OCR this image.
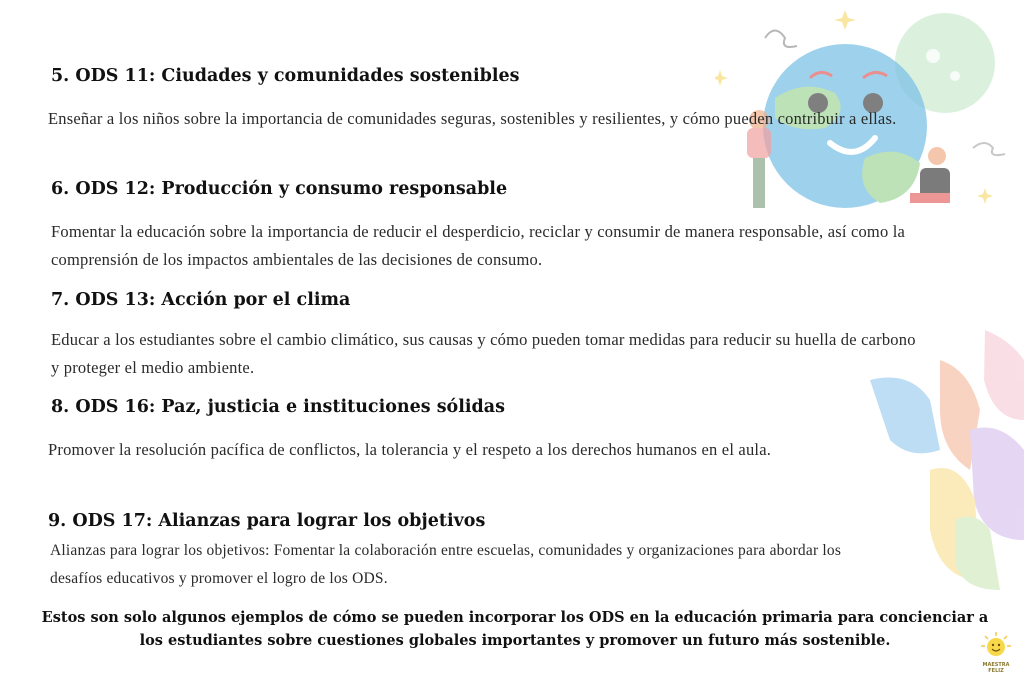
5. ODS 11: Ciudades y comunidades sostenibles
Enseñar a los niños sobre la importancia de comunidades seguras, sostenibles y resilientes, y cómo pueden contribuir a ellas.
6. ODS 12: Producción y consumo responsable
Fomentar la educación sobre la importancia de reducir el desperdicio, reciclar y consumir de manera responsable, así como la comprensión de los impactos ambientales de las decisiones de consumo.
7. ODS 13: Acción por el clima
Educar a los estudiantes sobre el cambio climático, sus causas y cómo pueden tomar medidas para reducir su huella de carbono y proteger el medio ambiente.
8. ODS 16: Paz, justicia e instituciones sólidas
Promover la resolución pacífica de conflictos, la tolerancia y el respeto a los derechos humanos en el aula.
9. ODS 17: Alianzas para lograr los objetivos
Alianzas para lograr los objetivos: Fomentar la colaboración entre escuelas, comunidades y organizaciones para abordar los desafíos educativos y promover el logro de los ODS.
Estos son solo algunos ejemplos de cómo se pueden incorporar los ODS en la educación primaria para concienciar a los estudiantes sobre cuestiones globales importantes y promover un futuro más sostenible.
MAESTRA
FELIZ
